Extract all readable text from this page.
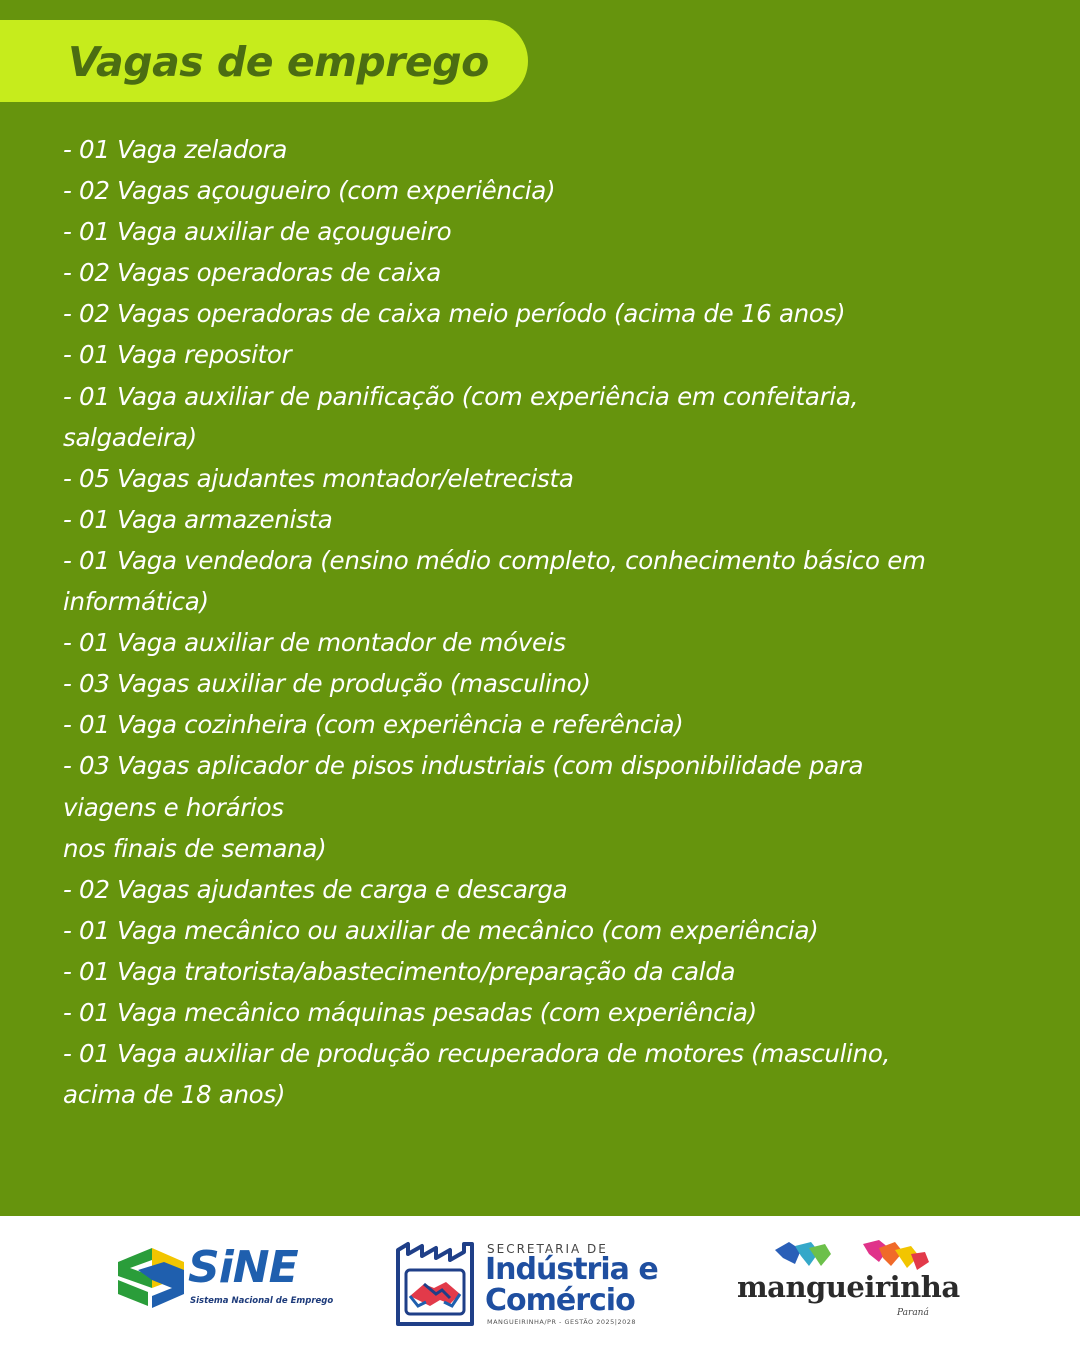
Vagas de emprego
- 01 Vaga zeladora
- 02 Vagas açougueiro (com experiência)
- 01 Vaga auxiliar de açougueiro
- 02 Vagas operadoras de caixa
- 02 Vagas operadoras de caixa meio período (acima de 16 anos)
- 01 Vaga repositor
- 01 Vaga auxiliar de panificação (com experiência em confeitaria,
salgadeira)
- 05 Vagas ajudantes montador/eletrecista
- 01 Vaga armazenista
- 01 Vaga vendedora (ensino médio completo, conhecimento básico em
informática)
- 01 Vaga auxiliar de montador de móveis
- 03 Vagas auxiliar de produção (masculino)
- 01 Vaga cozinheira (com experiência e referência)
- 03 Vagas aplicador de pisos industriais (com disponibilidade para
viagens e horários
nos finais de semana)
- 02 Vagas ajudantes de carga e descarga
- 01 Vaga mecânico ou auxiliar de mecânico (com experiência)
- 01 Vaga tratorista/abastecimento/preparação da calda
- 01 Vaga mecânico máquinas pesadas (com experiência)
- 01 Vaga auxiliar de produção recuperadora de motores (masculino,
acima de 18 anos)
SiNE
Sistema Nacional de Emprego
SECRETARIA DE
Indústria e
Comércio
MANGUEIRINHA/PR - GESTÃO 2025|2028
mangueirinha
Paraná
